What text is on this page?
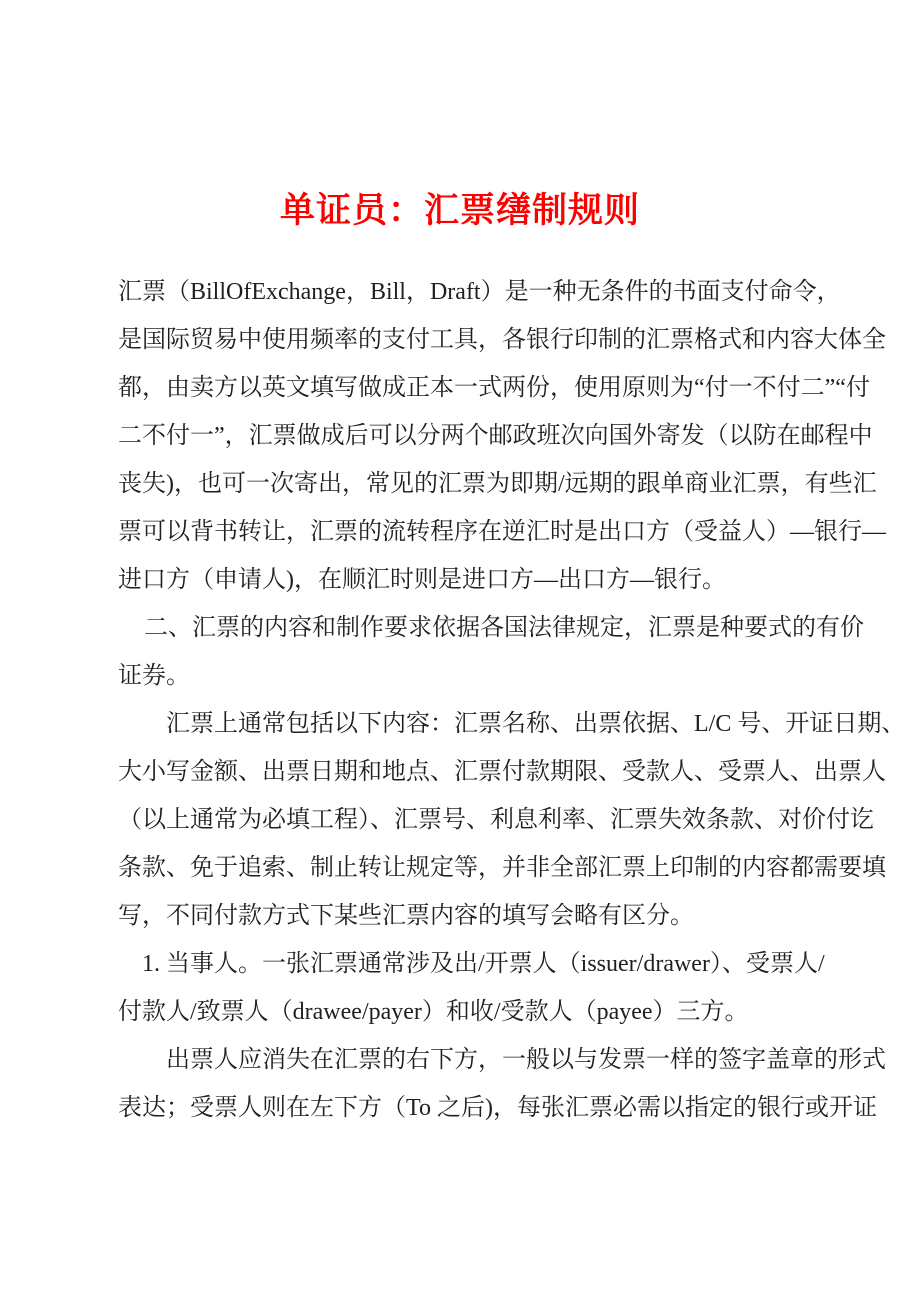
单证员：汇票缮制规则

汇票（BillOfExchange，Bill，Draft）是一种无条件的书面支付命令，
是国际贸易中使用频率的支付工具，各银行印制的汇票格式和内容大体全
都，由卖方以英文填写做成正本一式两份，使用原则为“付一不付二”“付
二不付一”，汇票做成后可以分两个邮政班次向国外寄发（以防在邮程中
丧失)，也可一次寄出，常见的汇票为即期/远期的跟单商业汇票，有些汇
票可以背书转让，汇票的流转程序在逆汇时是出口方（受益人）—银行—
进口方（申请人)，在顺汇时则是进口方—出口方—银行。

二、汇票的内容和制作要求依据各国法律规定，汇票是种要式的有价
证券。

汇票上通常包括以下内容：汇票名称、出票依据、L/C 号、开证日期、
大小写金额、出票日期和地点、汇票付款期限、受款人、受票人、出票人
（以上通常为必填工程）、汇票号、利息利率、汇票失效条款、对价付讫
条款、免于追索、制止转让规定等，并非全部汇票上印制的内容都需要填
写，不同付款方式下某些汇票内容的填写会略有区分。

1. 当事人。一张汇票通常涉及出/开票人（issuer/drawer）、受票人/
付款人/致票人（drawee/payer）和收/受款人（payee）三方。

出票人应消失在汇票的右下方，一般以与发票一样的签字盖章的形式
表达；受票人则在左下方（To 之后)，每张汇票必需以指定的银行或开证
